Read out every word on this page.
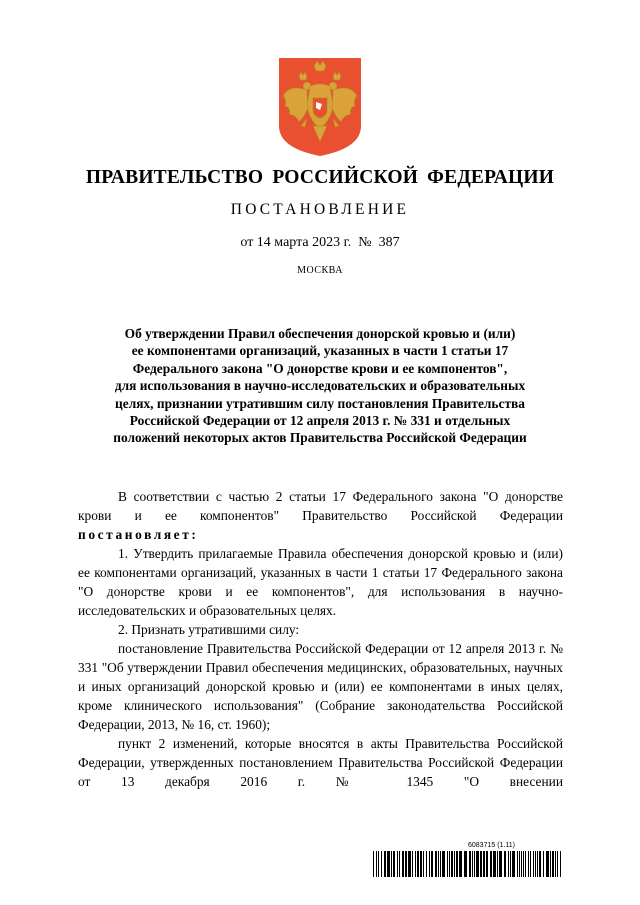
ПРАВИТЕЛЬСТВО РОССИЙСКОЙ ФЕДЕРАЦИИ
ПОСТАНОВЛЕНИЕ
от 14 марта 2023 г.  №  387
МОСКВА
Об утверждении Правил обеспечения донорской кровью и (или)
ее компонентами организаций, указанных в части 1 статьи 17
Федерального закона "О донорстве крови и ее компонентов",
для использования в научно-исследовательских и образовательных
целях, признании утратившим силу постановления Правительства
Российской Федерации от 12 апреля 2013 г. № 331 и отдельных
положений некоторых актов Правительства Российской Федерации

В соответствии с частью 2 статьи 17 Федерального закона "О донорстве крови и ее компонентов" Правительство Российской Федерации постановляет:

1. Утвердить прилагаемые Правила обеспечения донорской кровью и (или) ее компонентами организаций, указанных в части 1 статьи 17 Федерального закона "О донорстве крови и ее компонентов", для использования в научно-исследовательских и образовательных целях.

2. Признать утратившими силу:

постановление Правительства Российской Федерации от 12 апреля 2013 г. № 331 "Об утверждении Правил обеспечения медицинских, образовательных, научных и иных организаций донорской кровью и (или) ее компонентами в иных целях, кроме клинического использования" (Собрание законодательства Российской Федерации, 2013, № 16, ст. 1960);

пункт 2 изменений, которые вносятся в акты Правительства Российской Федерации, утвержденных постановлением Правительства Российской Федерации от 13 декабря 2016 г. № 1345 "О внесении

6083715 (1.11)
